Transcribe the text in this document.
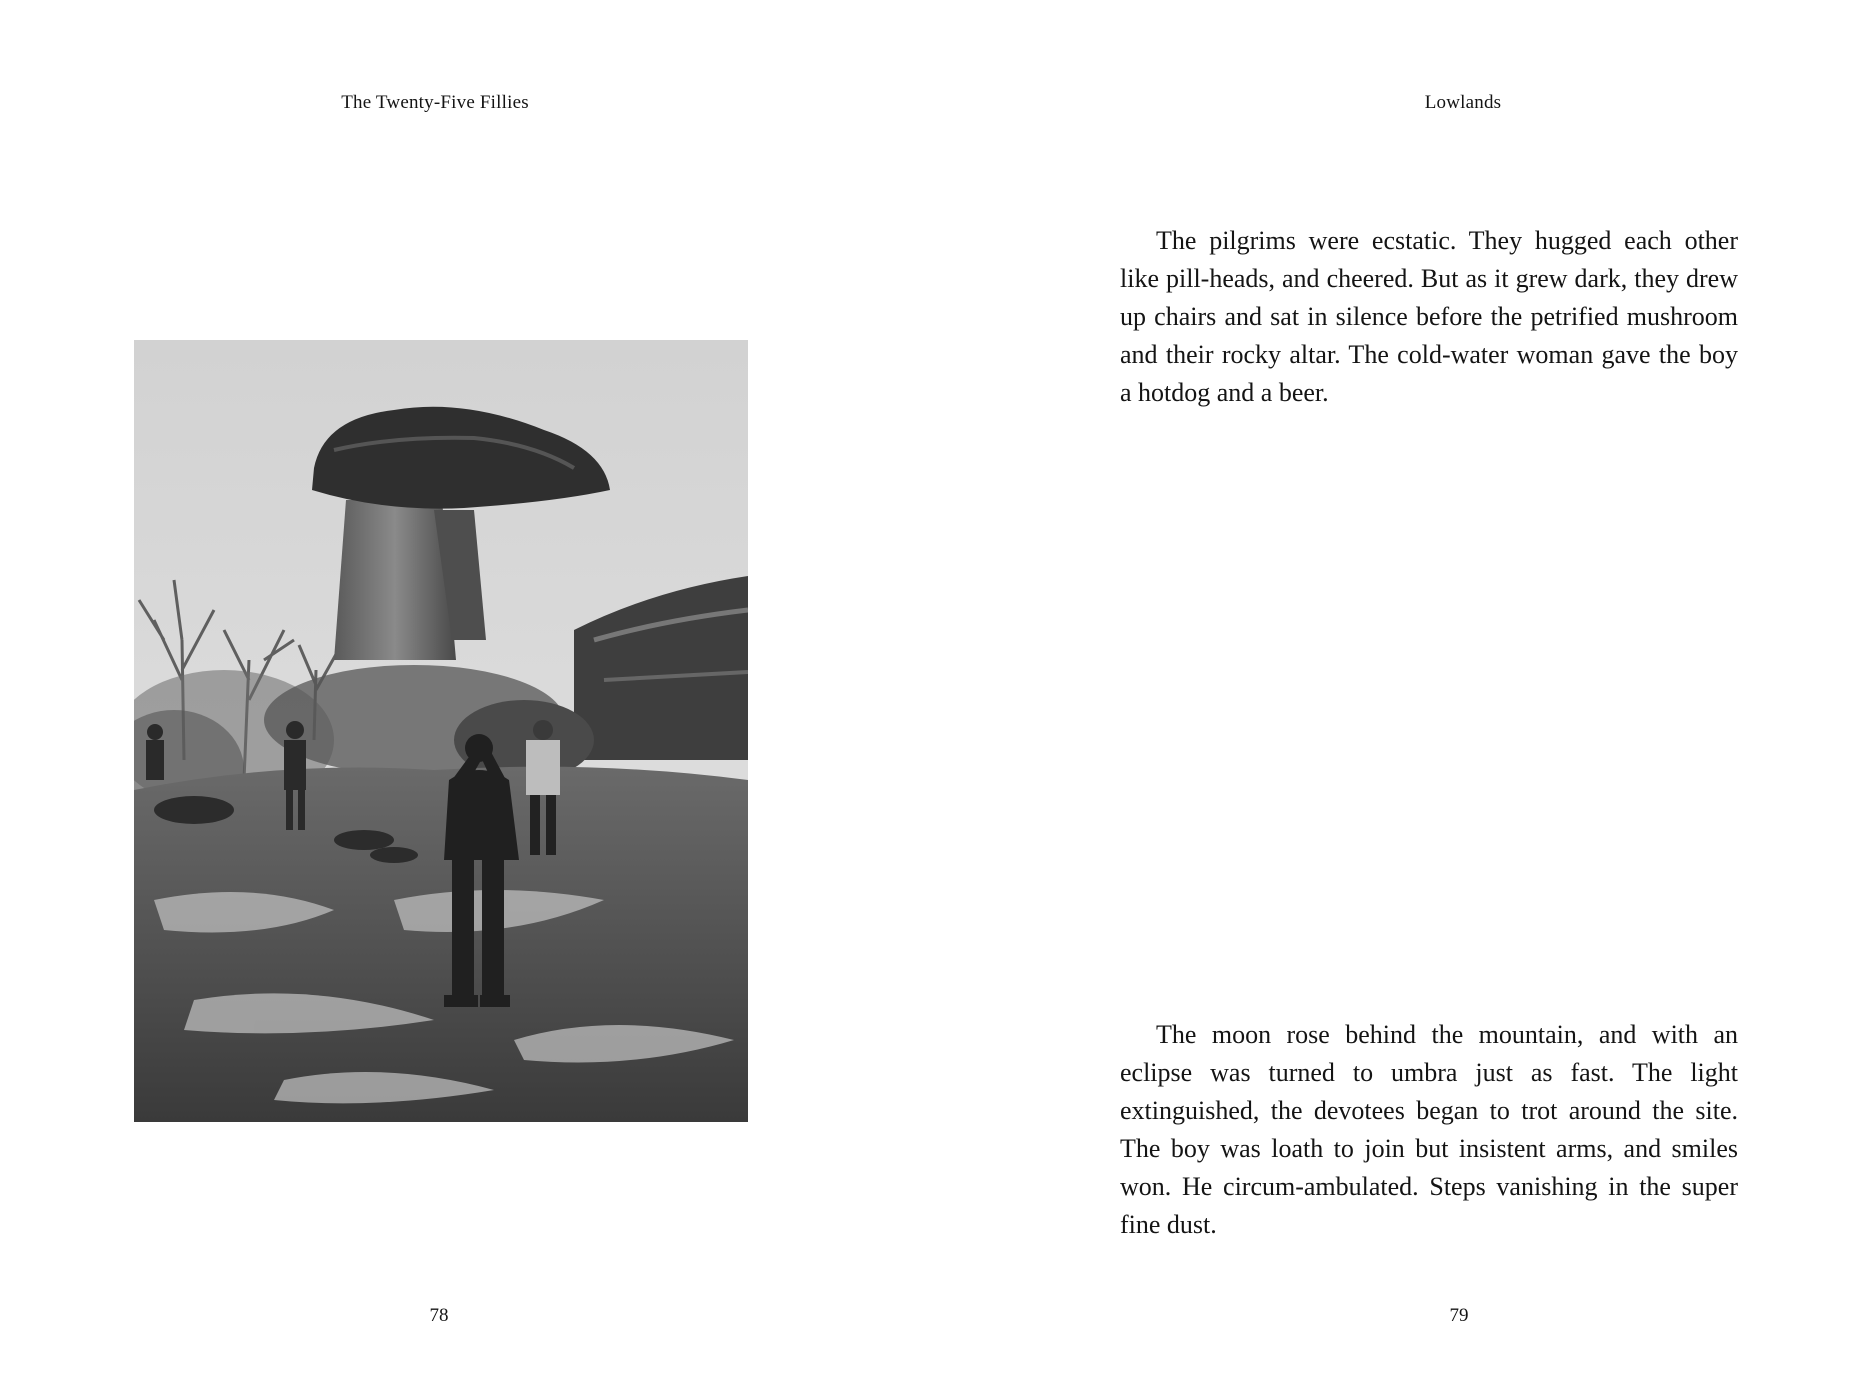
The Twenty-Five Fillies
78
Lowlands

The pilgrims were ecstatic. They hugged each other like pill-heads, and cheered. But as it grew dark, they drew up chairs and sat in silence before the petrified mushroom and their rocky altar. The cold-water woman gave the boy a hotdog and a beer.

The moon rose behind the mountain, and with an eclipse was turned to umbra just as fast. The light extinguished, the devotees began to trot around the site. The boy was loath to join but insistent arms, and smiles won. He circum-ambulated. Steps vanishing in the super fine dust.

79
